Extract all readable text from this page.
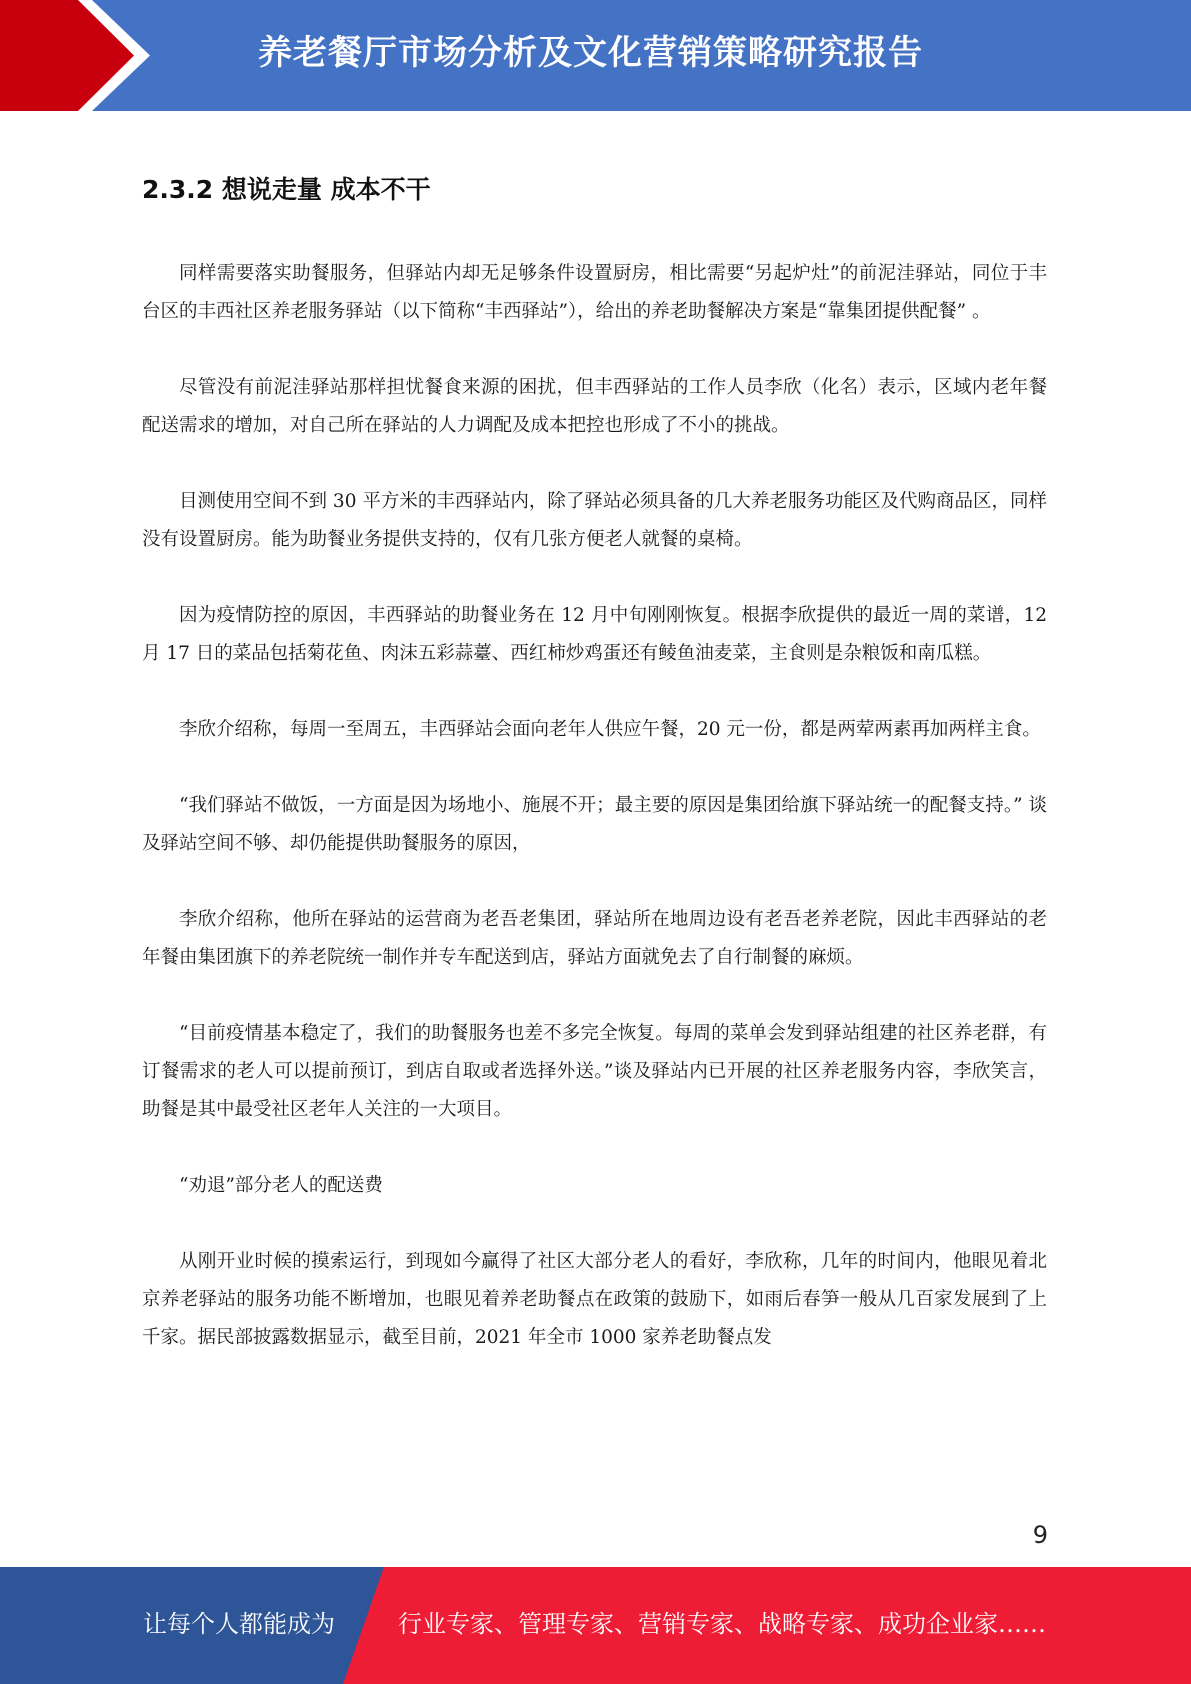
养老餐厅市场分析及文化营销策略研究报告
2.3.2 想说走量 成本不干

同样需要落实助餐服务，但驿站内却无足够条件设置厨房，相比需要“另起炉灶”的前泥洼驿站，同位于丰台区的丰西社区养老服务驿站（以下简称“丰西驿站”），给出的养老助餐解决方案是“靠集团提供配餐” 。

尽管没有前泥洼驿站那样担忧餐食来源的困扰，但丰西驿站的工作人员李欣（化名）表示，区域内老年餐配送需求的增加，对自己所在驿站的人力调配及成本把控也形成了不小的挑战。

目测使用空间不到 30 平方米的丰西驿站内，除了驿站必须具备的几大养老服务功能区及代购商品区，同样没有设置厨房。能为助餐业务提供支持的，仅有几张方便老人就餐的桌椅。

因为疫情防控的原因，丰西驿站的助餐业务在 12 月中旬刚刚恢复。根据李欣提供的最近一周的菜谱，12 月 17 日的菜品包括菊花鱼、肉沫五彩蒜薹、西红柿炒鸡蛋还有鲮鱼油麦菜，主食则是杂粮饭和南瓜糕。

李欣介绍称，每周一至周五，丰西驿站会面向老年人供应午餐，20 元一份，都是两荤两素再加两样主食。

“我们驿站不做饭，一方面是因为场地小、施展不开；最主要的原因是集团给旗下驿站统一的配餐支持。” 谈及驿站空间不够、却仍能提供助餐服务的原因，

李欣介绍称，他所在驿站的运营商为老吾老集团，驿站所在地周边设有老吾老养老院，因此丰西驿站的老年餐由集团旗下的养老院统一制作并专车配送到店，驿站方面就免去了自行制餐的麻烦。

“目前疫情基本稳定了，我们的助餐服务也差不多完全恢复。每周的菜单会发到驿站组建的社区养老群，有订餐需求的老人可以提前预订，到店自取或者选择外送。”谈及驿站内已开展的社区养老服务内容，李欣笑言，助餐是其中最受社区老年人关注的一大项目。

“劝退”部分老人的配送费

从刚开业时候的摸索运行，到现如今赢得了社区大部分老人的看好，李欣称，几年的时间内，他眼见着北京养老驿站的服务功能不断增加，也眼见着养老助餐点在政策的鼓励下，如雨后春笋一般从几百家发展到了上千家。据民部披露数据显示，截至目前，2021 年全市 1000 家养老助餐点发

9
让每个人都能成为	行业专家、管理专家、营销专家、战略专家、成功企业家……
